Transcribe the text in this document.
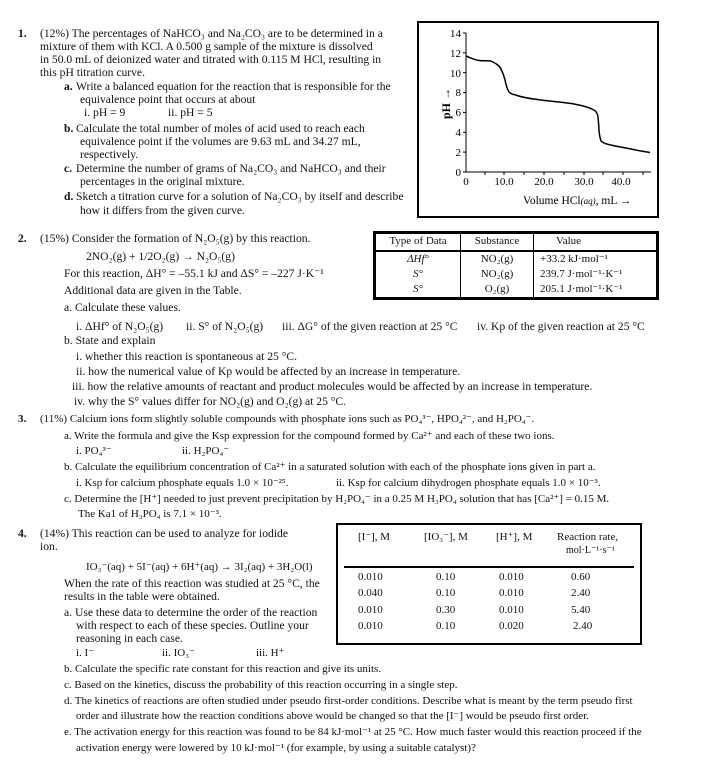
1. (12%) The percentages of NaHCO₃ and Na₂CO₃ are to be determined in a
mixture of them with KCl. A 0.500 g sample of the mixture is dissolved
in 50.0 mL of deionized water and titrated with 0.115 M HCl, resulting in
this pH titration curve.
a. Write a balanced equation for the reaction that is responsible for the
equivalence point that occurs at about
i. pH = 9	ii. pH = 5
b. Calculate the total number of moles of acid used to reach each
equivalence point if the volumes are 9.63 mL and 34.27 mL,
respectively.
c. Determine the number of grams of Na₂CO₃ and NaHCO₃ and their
percentages in the original mixture.
d. Sketch a titration curve for a solution of Na₂CO₃ by itself and describe
how it differs from the given curve.
0
2
4
6
8
10
12
14
0 10.0 20.0 30.0 40.0
pH →
Volume HCl(aq), mL →
2. (15%) Consider the formation of N₂O₅(g) by this reaction.
2NO₂(g) + 1/2O₂(g) → N₂O₅(g)
For this reaction, ΔH° = –55.1 kJ and ΔS° = –227 J·K⁻¹
Additional data are given in the Table.
a. Calculate these values.
i. ΔHf° of N₂O₅(g) ii. S° of N₂O₅(g) iii. ΔG° of the given reaction at 25 °C iv. Kp of the given reaction at 25 °C
b. State and explain
i. whether this reaction is spontaneous at 25 °C.
ii. how the numerical value of Kp would be affected by an increase in temperature.
iii. how the relative amounts of reactant and product molecules would be affected by an increase in temperature.
iv. why the S° values differ for NO₂(g) and O₂(g) at 25 °C.
Type of Data	Substance	Value
ΔHf°	NO₂(g)	+33.2 kJ·mol⁻¹
S°	NO₂(g)	239.7 J·mol⁻¹·K⁻¹
S°	O₂(g)	205.1 J·mol⁻¹·K⁻¹
3. (11%) Calcium ions form slightly soluble compounds with phosphate ions such as PO₄³⁻, HPO₄²⁻, and H₂PO₄⁻.
a. Write the formula and give the Ksp expression for the compound formed by Ca²⁺ and each of these two ions.
i. PO₄³⁻	ii. H₂PO₄⁻
b. Calculate the equilibrium concentration of Ca²⁺ in a saturated solution with each of the phosphate ions given in part a.
i. Ksp for calcium phosphate equals 1.0 × 10⁻²⁵.	ii. Ksp for calcium dihydrogen phosphate equals 1.0 × 10⁻³.
c. Determine the [H⁺] needed to just prevent precipitation by H₂PO₄⁻ in a 0.25 M H₃PO₄ solution that has [Ca²⁺] = 0.15 M.
The Ka1 of H₃PO₄ is 7.1 × 10⁻³.
4. (14%) This reaction can be used to analyze for iodide
ion.
IO₃⁻(aq) + 5I⁻(aq) + 6H⁺(aq) → 3I₂(aq) + 3H₂O(l)
When the rate of this reaction was studied at 25 °C, the
results in the table were obtained.
a. Use these data to determine the order of the reaction
with respect to each of these species. Outline your
reasoning in each case.
i. I⁻	ii. IO₃⁻	iii. H⁺
b. Calculate the specific rate constant for this reaction and give its units.
c. Based on the kinetics, discuss the probability of this reaction occurring in a single step.
d. The kinetics of reactions are often studied under pseudo first-order conditions. Describe what is meant by the term pseudo first
order and illustrate how the reaction conditions above would be changed so that the [I⁻] would be pseudo first order.
e. The activation energy for this reaction was found to be 84 kJ·mol⁻¹ at 25 °C. How much faster would this reaction proceed if the
activation energy were lowered by 10 kJ·mol⁻¹ (for example, by using a suitable catalyst)?
[I⁻], M	[IO₃⁻], M	[H⁺], M Reaction rate,
mol·L⁻¹·s⁻¹
0.010	0.10	0.010	0.60
0.040	0.10	0.010	2.40
0.010	0.30	0.010	5.40
0.010	0.10	0.020	2.40
